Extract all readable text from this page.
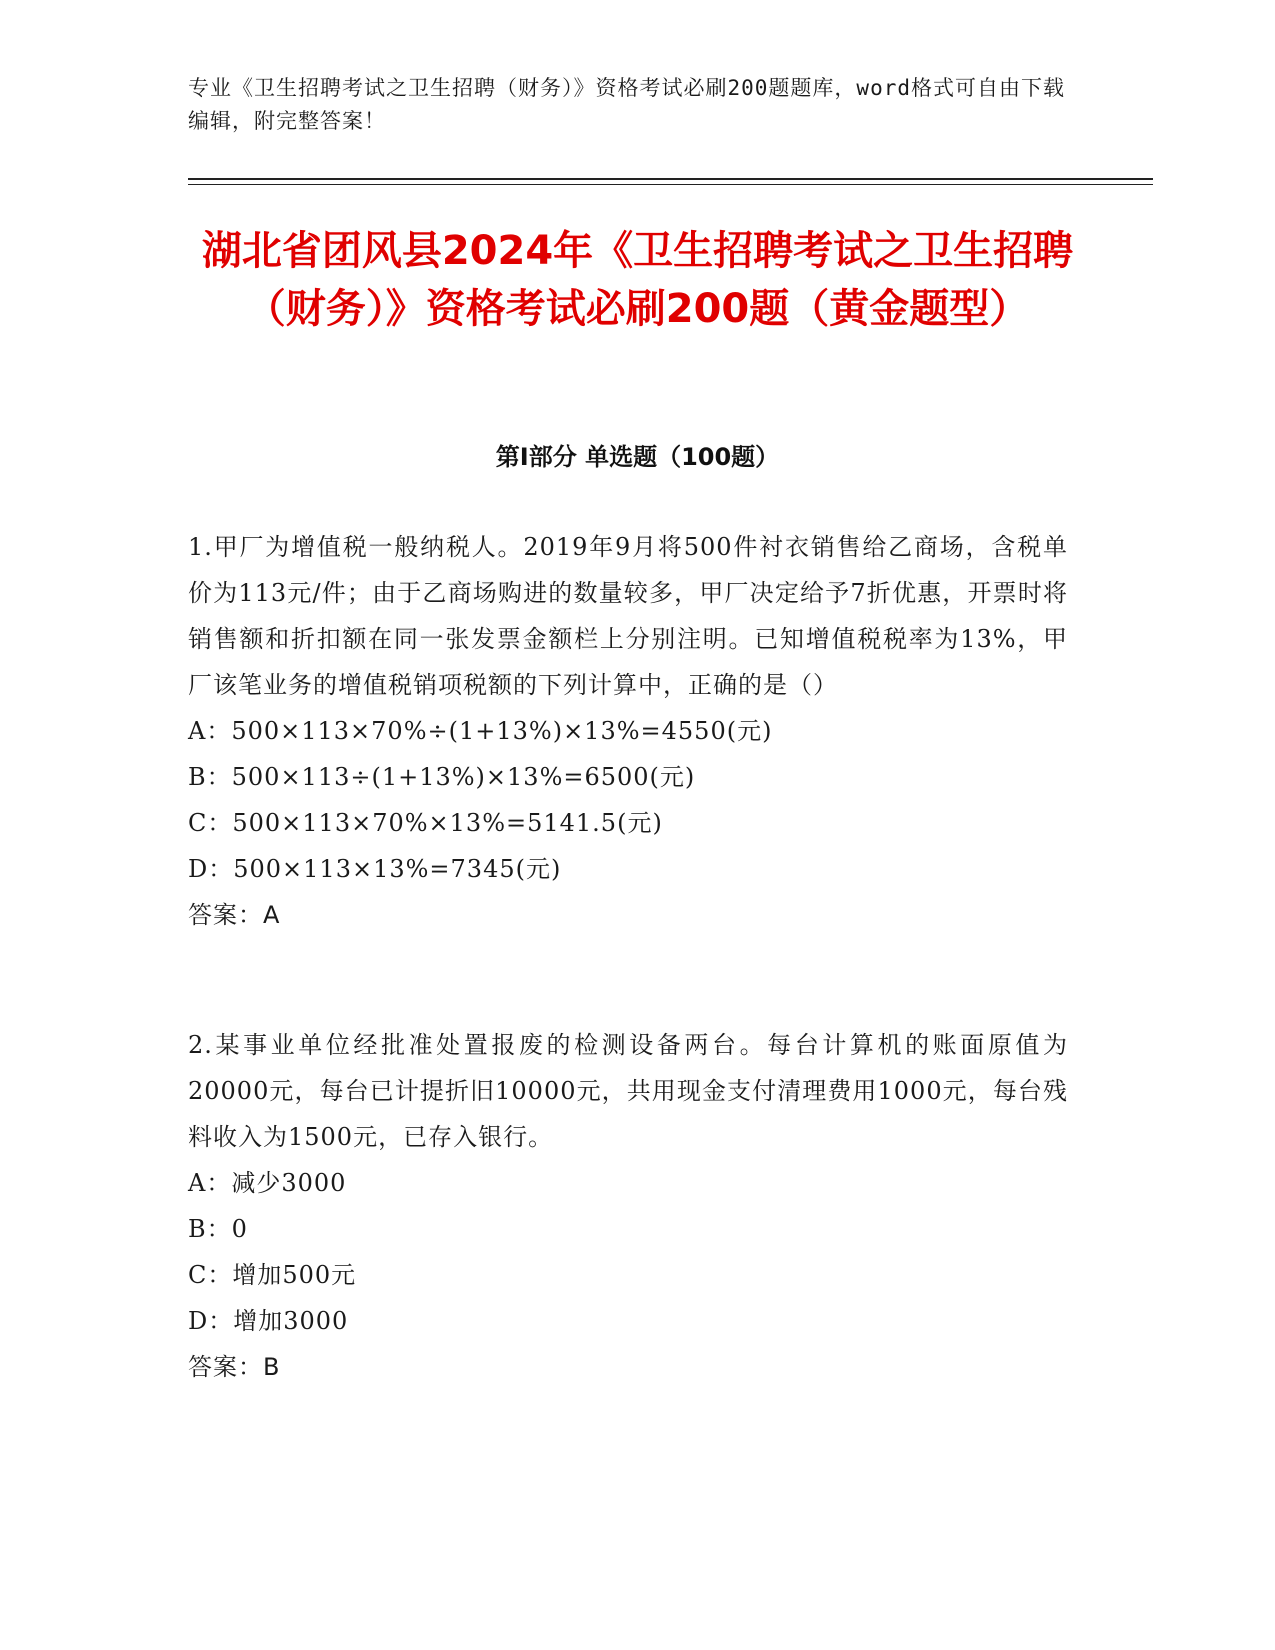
专业《卫生招聘考试之卫生招聘（财务）》资格考试必刷200题题库，word格式可自由下载编辑，附完整答案！
湖北省团风县2024年《卫生招聘考试之卫生招聘（财务）》资格考试必刷200题（黄金题型）
第Ⅰ部分 单选题（100题）

1.甲厂为增值税一般纳税人。2019年9月将500件衬衣销售给乙商场，含税单价为113元/件；由于乙商场购进的数量较多，甲厂决定给予7折优惠，开票时将销售额和折扣额在同一张发票金额栏上分别注明。已知增值税税率为13%，甲厂该笔业务的增值税销项税额的下列计算中，正确的是（）

A：500×113×70%÷(1+13%)×13%=4550(元)

B：500×113÷(1+13%)×13%=6500(元)

C：500×113×70%×13%=5141.5(元)

D：500×113×13%=7345(元)

答案：A

2.某事业单位经批准处置报废的检测设备两台。每台计算机的账面原值为20000元，每台已计提折旧10000元，共用现金支付清理费用1000元，每台残料收入为1500元，已存入银行。

A：减少3000

B：0

C：增加500元

D：增加3000

答案：B
